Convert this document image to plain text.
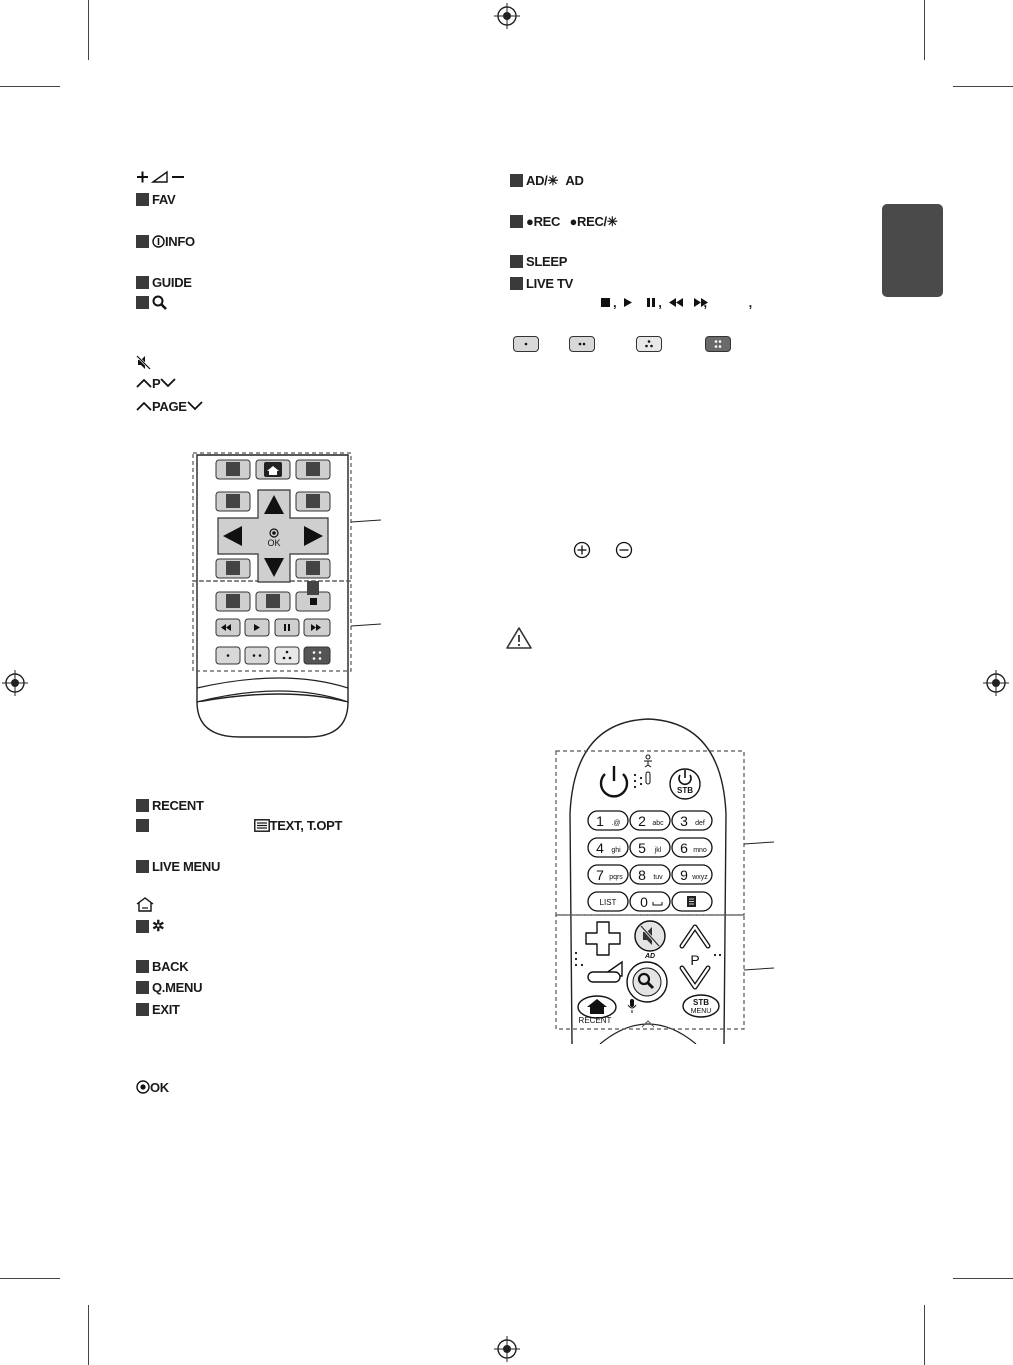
FAV
INFO
GUIDE
P
PAGE
RECENT
TEXT, T.OPT
LIVE MENU
✲
BACK
Q.MENU
EXIT
OK
AD/✳ AD
●REC ●REC/✳
SLEEP
LIVE TV
, , , ,
OK
STB
1 .@ 2 abc 3 def
4 ghi 5 jkl 6 mno
7 pqrs 8 tuv 9 wxyz
LIST 0
AD	P
RECENT
STB
MENU
